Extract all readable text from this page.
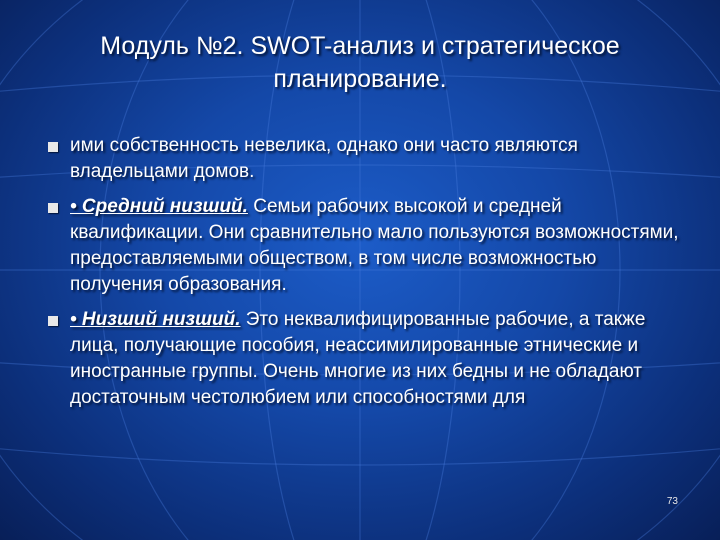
Модуль №2. SWOT-анализ и стратегическое
планирование.
ими собственность невелика, однако они часто являются владельцами домов.
• Средний низший. Семьи рабочих высокой и средней квалификации. Они сравнительно мало пользуются возможностями, предоставляемыми обществом, в том числе возможностью получения образования.
• Низший низший. Это неквалифицированные рабочие, а также лица, получающие пособия, неассимилированные этнические и иностранные группы. Очень многие из них бедны и не обладают достаточным честолюбием или способностями для
73
